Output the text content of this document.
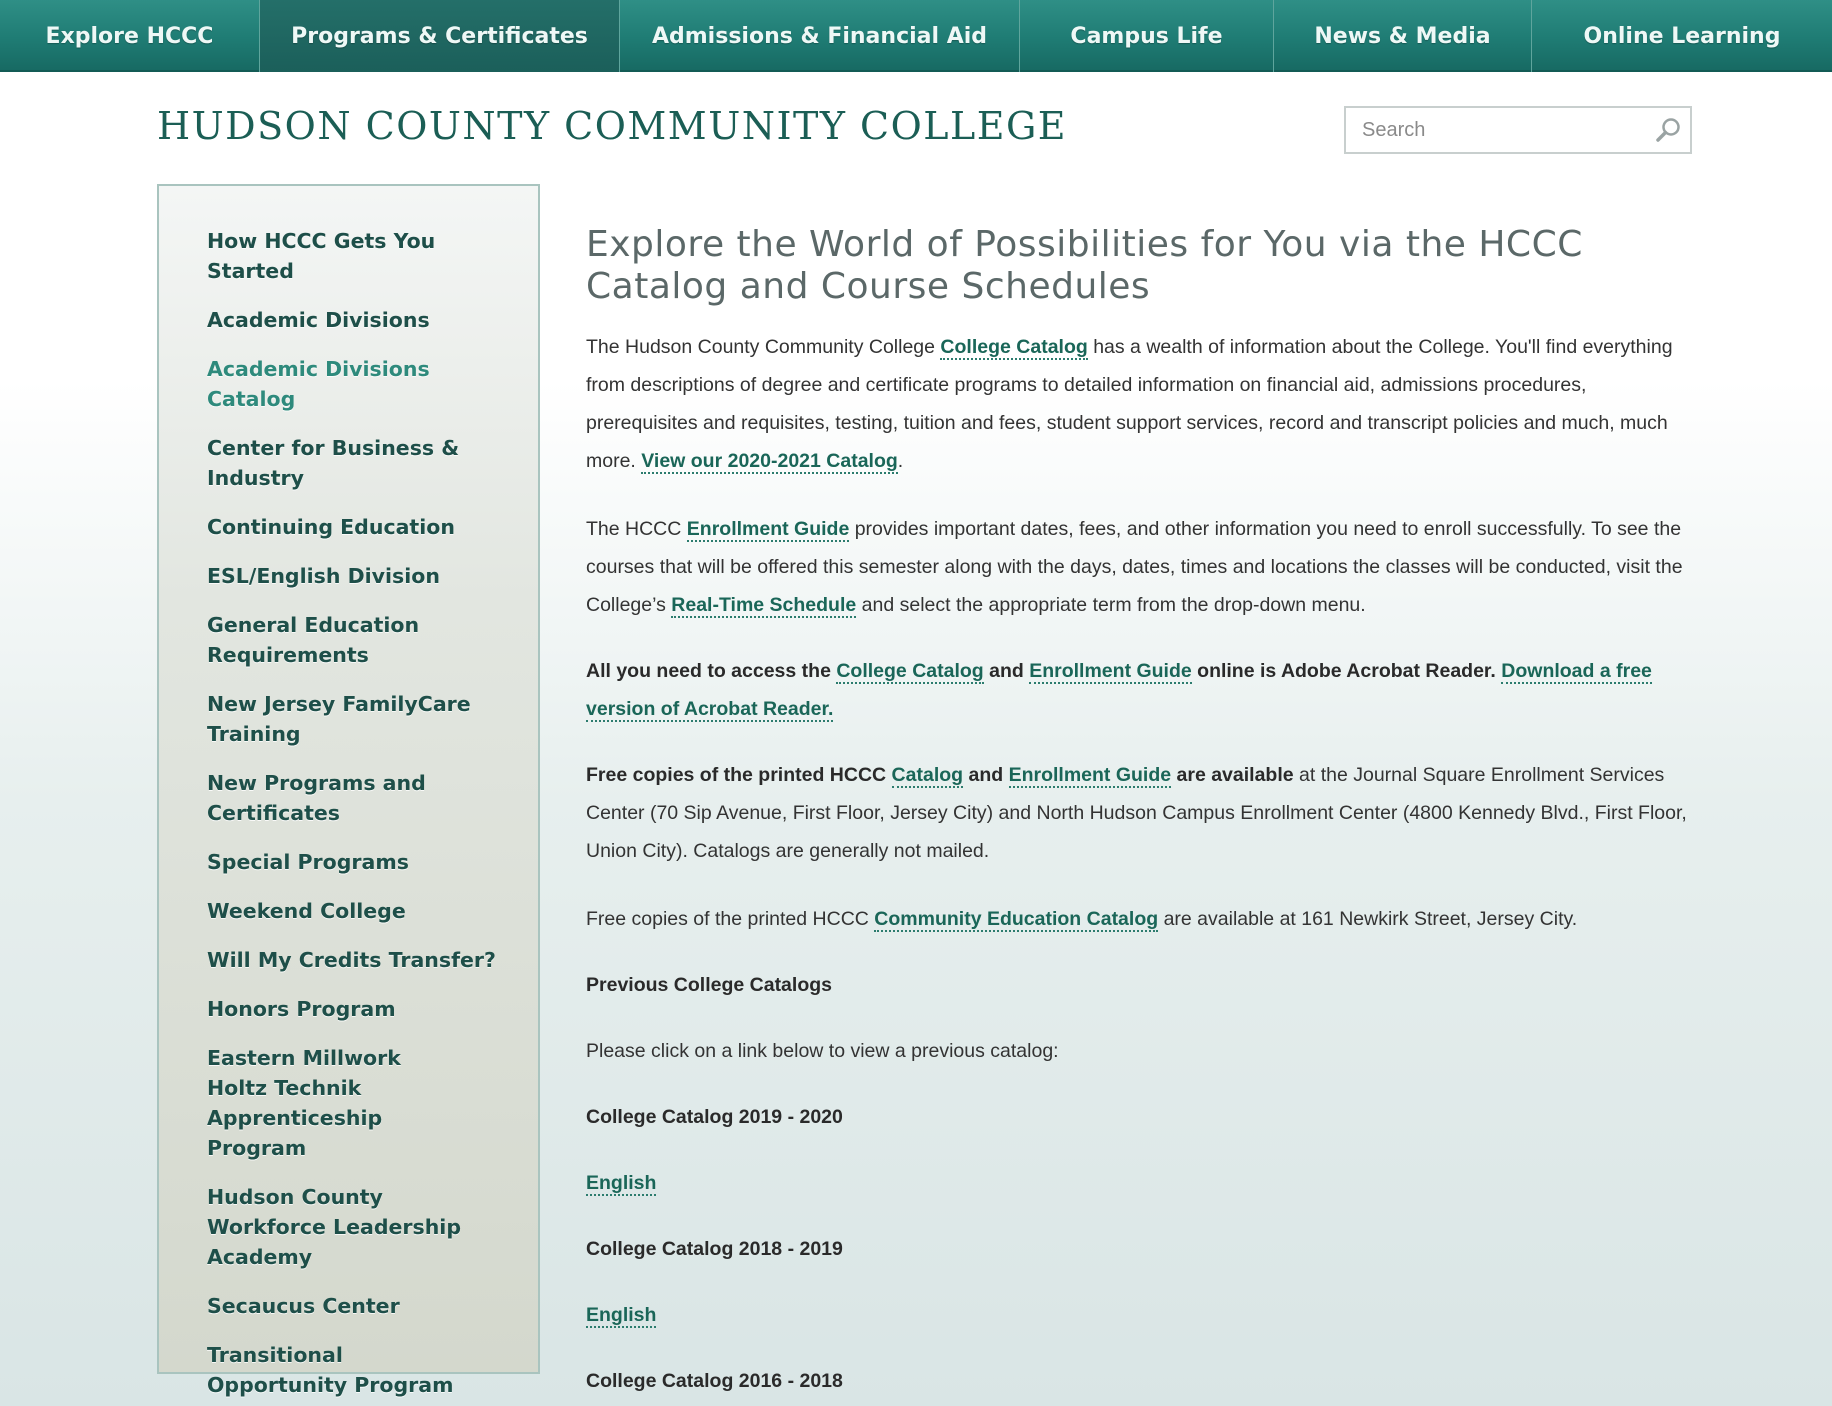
Explore HCCC	Programs & Certificates	Admissions & Financial Aid	Campus Life	News & Media	Online Learning
HUDSON COUNTY COMMUNITY COLLEGE
Search
How HCCC Gets You Started
Academic Divisions
Academic Divisions Catalog
Center for Business & Industry
Continuing Education
ESL/English Division
General Education Requirements
New Jersey FamilyCare Training
New Programs and Certificates
Special Programs
Weekend College
Will My Credits Transfer?
Honors Program
Eastern Millwork Holtz Technik Apprenticeship Program
Hudson County Workforce Leadership Academy
Secaucus Center
Transitional Opportunity Program
Explore the World of Possibilities for You via the HCCC Catalog and Course Schedules

The Hudson County Community College College Catalog has a wealth of information about the College. You'll find everything from descriptions of degree and certificate programs to detailed information on financial aid, admissions procedures, prerequisites and requisites, testing, tuition and fees, student support services, record and transcript policies and much, much more. View our 2020-2021 Catalog.

The HCCC Enrollment Guide provides important dates, fees, and other information you need to enroll successfully. To see the courses that will be offered this semester along with the days, dates, times and locations the classes will be conducted, visit the College’s Real-Time Schedule and select the appropriate term from the drop-down menu.

All you need to access the College Catalog and Enrollment Guide online is Adobe Acrobat Reader. Download a free version of Acrobat Reader.

Free copies of the printed HCCC Catalog and Enrollment Guide are available at the Journal Square Enrollment Services Center (70 Sip Avenue, First Floor, Jersey City) and North Hudson Campus Enrollment Center (4800 Kennedy Blvd., First Floor, Union City). Catalogs are generally not mailed.

Free copies of the printed HCCC Community Education Catalog are available at 161 Newkirk Street, Jersey City.

Previous College Catalogs

Please click on a link below to view a previous catalog:

College Catalog 2019 - 2020

English

College Catalog 2018 - 2019

English

College Catalog 2016 - 2018
